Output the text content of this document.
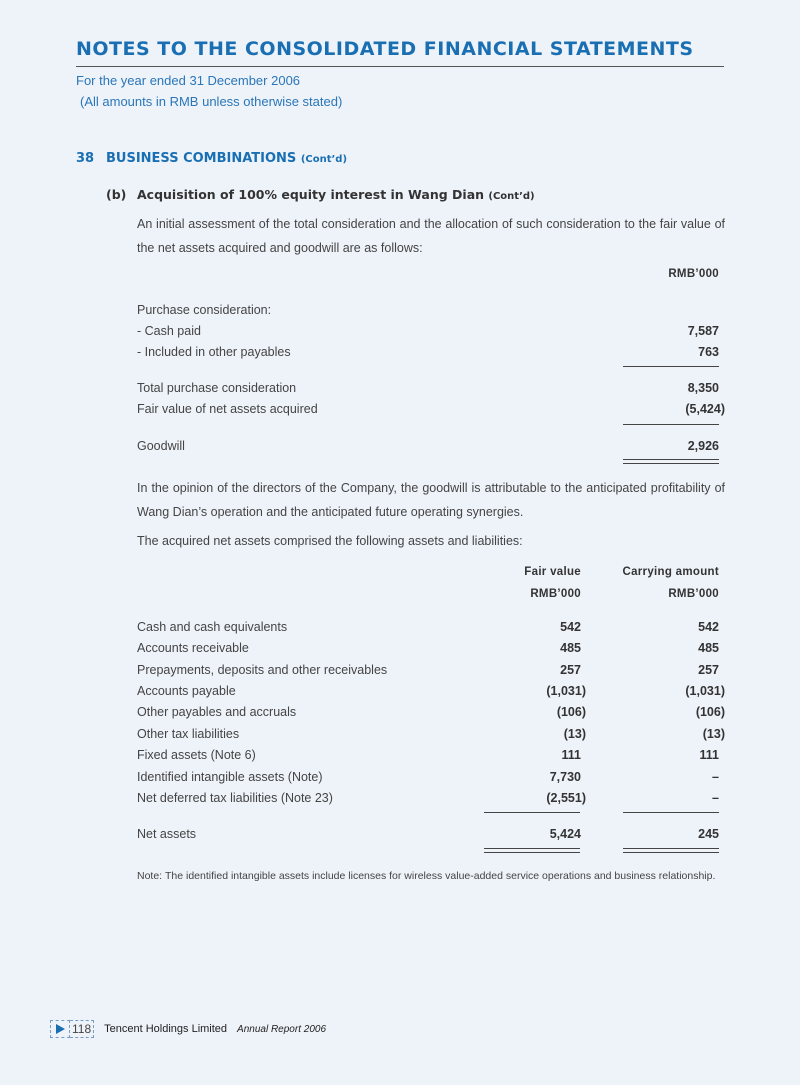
NOTES TO THE CONSOLIDATED FINANCIAL STATEMENTS
For the year ended 31 December 2006
(All amounts in RMB unless otherwise stated)
38 BUSINESS COMBINATIONS (Cont’d)
(b) Acquisition of 100% equity interest in Wang Dian (Cont’d)
An initial assessment of the total consideration and the allocation of such consideration to the fair value of the net assets acquired and goodwill are as follows:
RMB’000
Purchase consideration:
- Cash paid	7,587
- Included in other payables	763
Total purchase consideration	8,350
Fair value of net assets acquired	(5,424)
Goodwill	2,926
In the opinion of the directors of the Company, the goodwill is attributable to the anticipated profitability of Wang Dian’s operation and the anticipated future operating synergies.
The acquired net assets comprised the following assets and liabilities:
Fair value	Carrying amount
RMB’000	RMB’000
Cash and cash equivalents	542	542
Accounts receivable	485	485
Prepayments, deposits and other receivables	257	257
Accounts payable	(1,031)	(1,031)
Other payables and accruals	(106)	(106)
Other tax liabilities	(13)	(13)
Fixed assets (Note 6)	111	111
Identified intangible assets (Note)	7,730	–
Net deferred tax liabilities (Note 23)	(2,551)	–
Net assets	5,424	245
Note: The identified intangible assets include licenses for wireless value-added service operations and business relationship.
118 Tencent Holdings Limited Annual Report 2006
